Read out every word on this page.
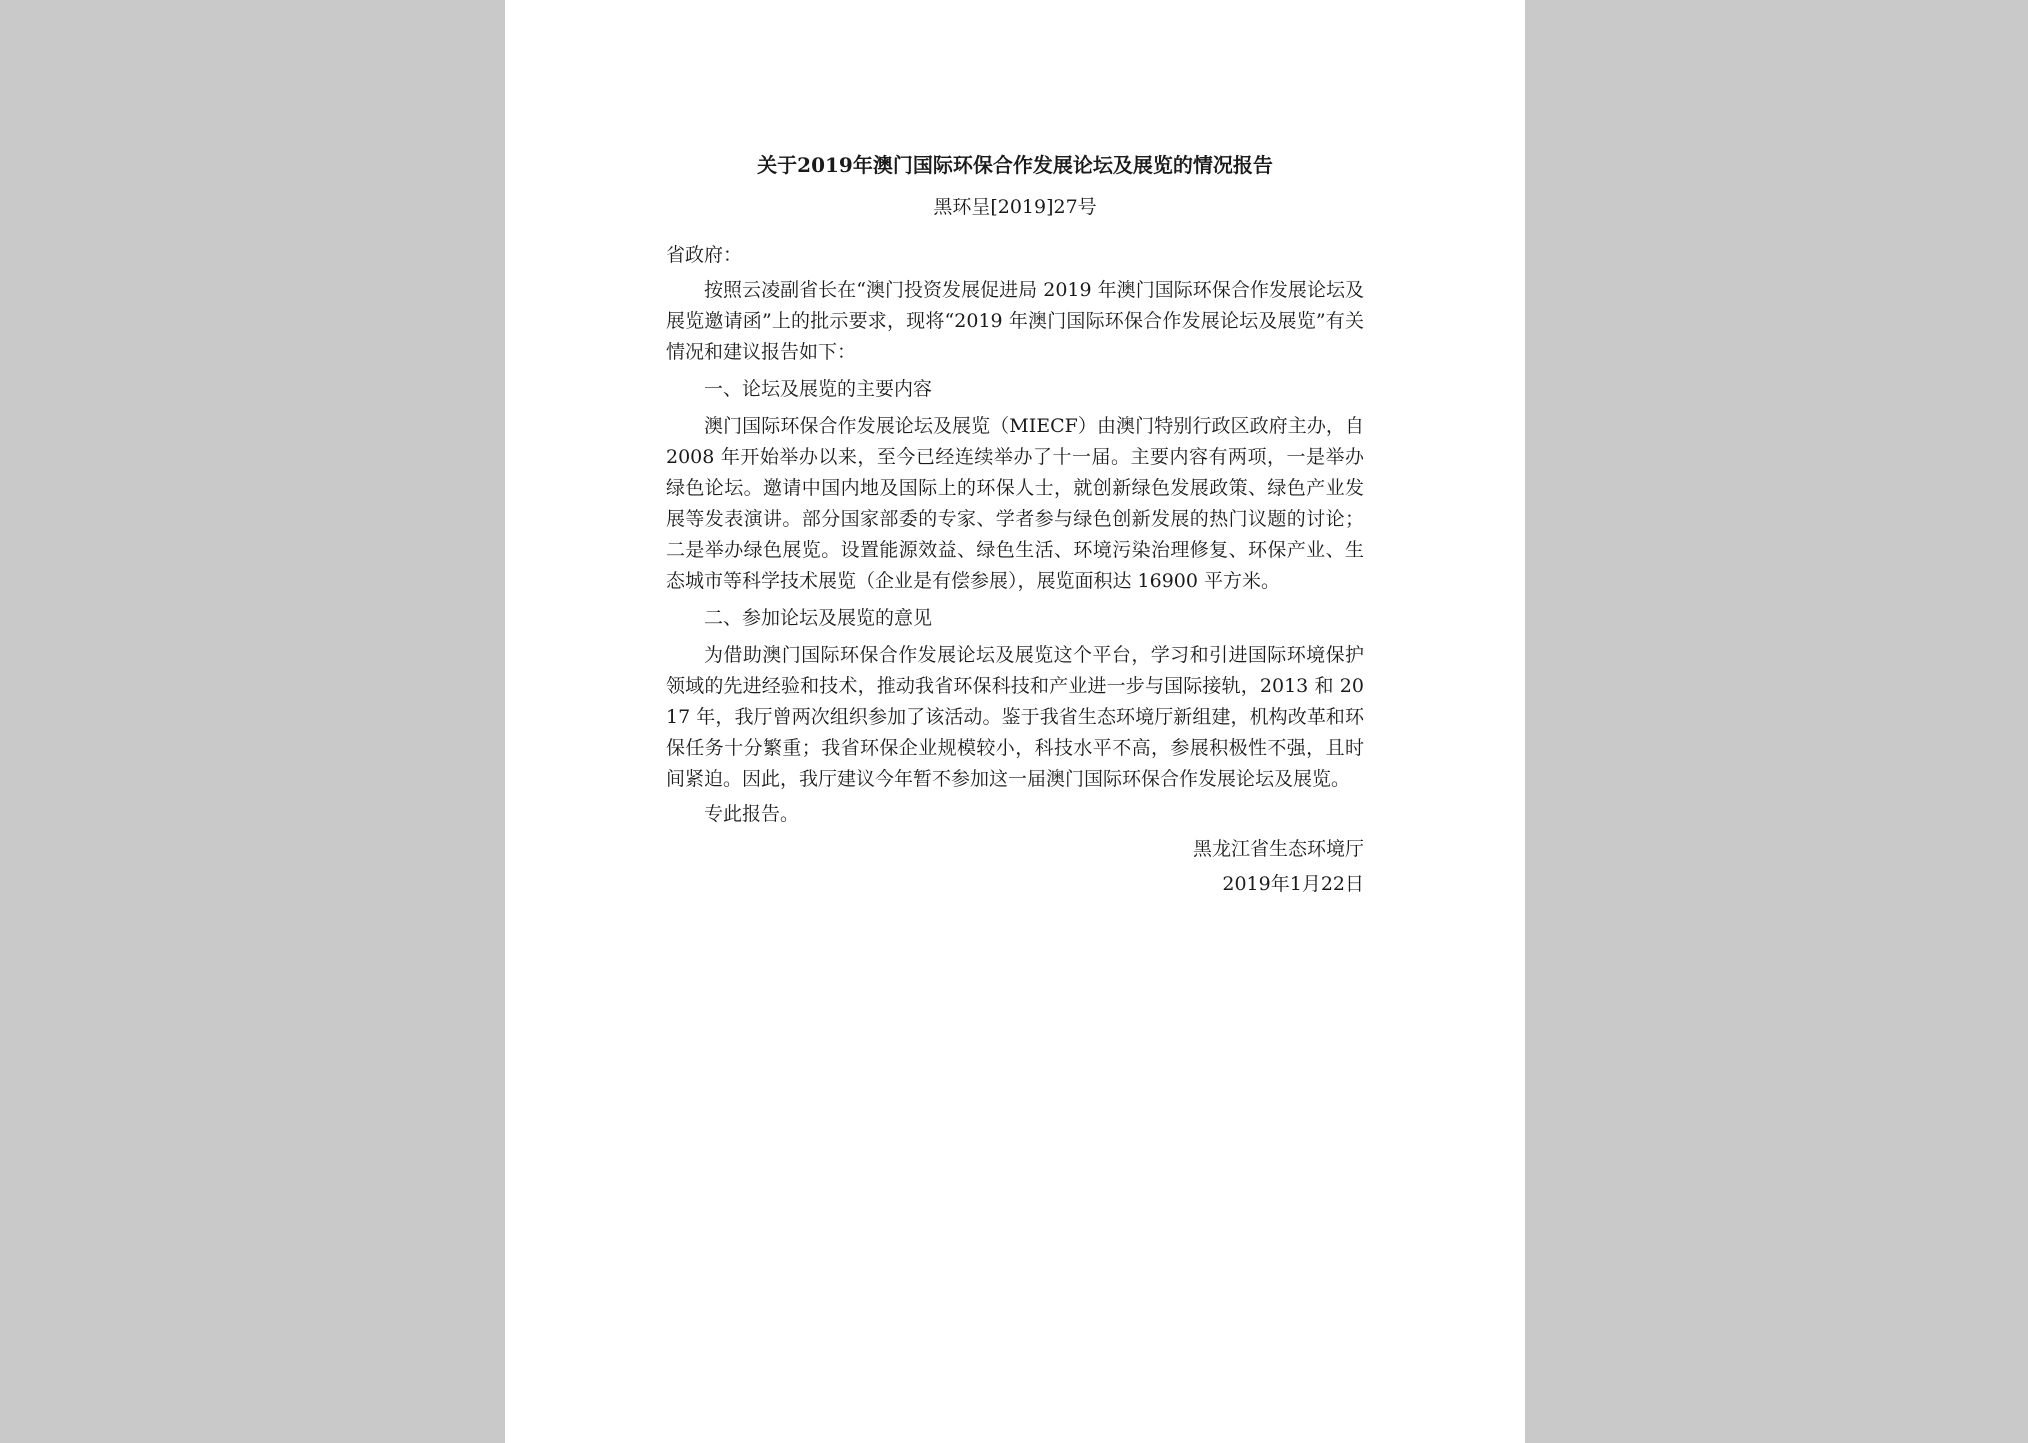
关于2019年澳门国际环保合作发展论坛及展览的情况报告

黑环呈[2019]27号

省政府：

按照云凌副省长在“澳门投资发展促进局 2019 年澳门国际环保合作发展论坛及展览邀请函”上的批示要求，现将“2019 年澳门国际环保合作发展论坛及展览”有关情况和建议报告如下：

一、论坛及展览的主要内容

澳门国际环保合作发展论坛及展览（MIECF）由澳门特别行政区政府主办，自 2008 年开始举办以来，至今已经连续举办了十一届。主要内容有两项，一是举办绿色论坛。邀请中国内地及国际上的环保人士，就创新绿色发展政策、绿色产业发展等发表演讲。部分国家部委的专家、学者参与绿色创新发展的热门议题的讨论；二是举办绿色展览。设置能源效益、绿色生活、环境污染治理修复、环保产业、生态城市等科学技术展览（企业是有偿参展），展览面积达 16900 平方米。

二、参加论坛及展览的意见

为借助澳门国际环保合作发展论坛及展览这个平台，学习和引进国际环境保护领域的先进经验和技术，推动我省环保科技和产业进一步与国际接轨，2013 和 2017 年，我厅曾两次组织参加了该活动。鉴于我省生态环境厅新组建，机构改革和环保任务十分繁重；我省环保企业规模较小，科技水平不高，参展积极性不强，且时间紧迫。因此，我厅建议今年暂不参加这一届澳门国际环保合作发展论坛及展览。

专此报告。

黑龙江省生态环境厅

2019年1月22日
